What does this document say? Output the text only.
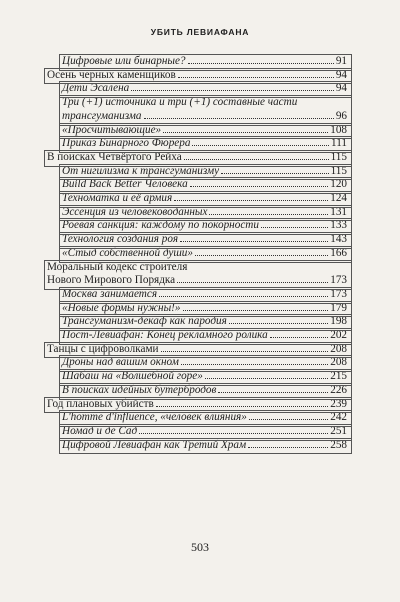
УБИТЬ ЛЕВИАФАНА
Цифровые или бинарные?	91
Осень черных каменщиков	94
Дети Эсалена	94
Три (+1) источника и три (+1) составные части
трансгуманизма	96
«Просчитывающие»	108
Приказ Бинарного Фюрера	111
В поисках Четвёртого Рейха	115
От нигилизма к трансгуманизму	115
Build Back Better Человека	120
Техноматка и её армия	124
Эссенция из человеководанных	131
Роевая санкция: каждому по покорности	133
Технология создания роя	143
«Стыд собственной души»	166
Моральный кодекс строителя
Нового Мирового Порядка	173
Москва занимается	173
«Новые формы нужны!»	179
Трансгуманизм-декаф как пародия	198
Пост-Левиафан: Конец рекламного ролика	202
Танцы с цифроволками	208
Дроны над вашим окном	208
Шабаш на «Волшебной горе»	215
В поисках идейных бутербродов	226
Год плановых убийств	239
L'homme d'influence, «человек влияния»	242
Номад и де Сад	251
Цифровой Левиафан как Третий Храм	258
503
